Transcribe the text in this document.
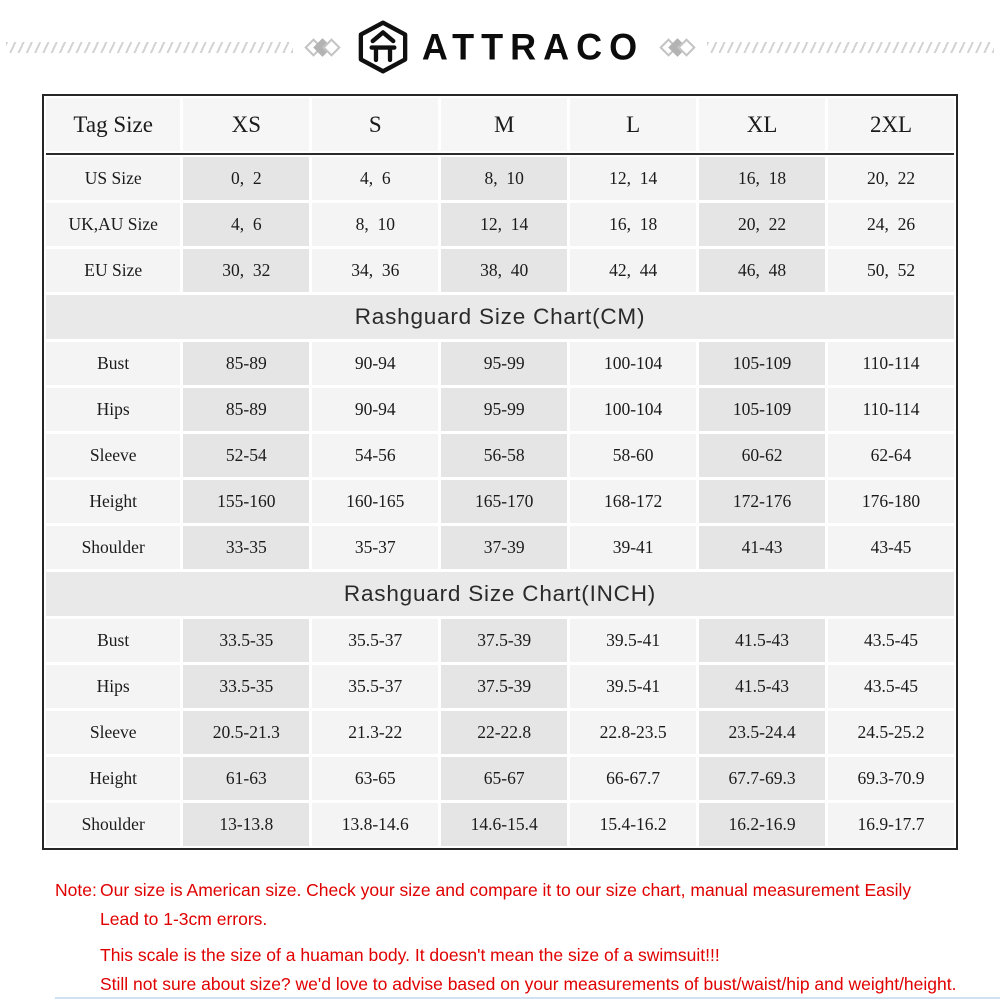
ATTRACO
Tag Size	XS	S	M	L	XL	2XL
US Size	0,  2	4,  6	8,  10	12,  14	16,  18	20,  22
UK,AU Size	4,  6	8,  10	12,  14	16,  18	20,  22	24,  26
EU Size	30,  32	34,  36	38,  40	42,  44	46,  48	50,  52
Rashguard Size Chart(CM)
Bust	85-89	90-94	95-99	100-104	105-109	110-114
Hips	85-89	90-94	95-99	100-104	105-109	110-114
Sleeve	52-54	54-56	56-58	58-60	60-62	62-64
Height	155-160	160-165	165-170	168-172	172-176	176-180
Shoulder	33-35	35-37	37-39	39-41	41-43	43-45
Rashguard Size Chart(INCH)
Bust	33.5-35	35.5-37	37.5-39	39.5-41	41.5-43	43.5-45
Hips	33.5-35	35.5-37	37.5-39	39.5-41	41.5-43	43.5-45
Sleeve	20.5-21.3	21.3-22	22-22.8	22.8-23.5	23.5-24.4	24.5-25.2
Height	61-63	63-65	65-67	66-67.7	67.7-69.3	69.3-70.9
Shoulder	13-13.8	13.8-14.6	14.6-15.4	15.4-16.2	16.2-16.9	16.9-17.7
Note: Our size is American size. Check your size and compare it to our size chart, manual measurement Easily
Lead to 1-3cm errors.
This scale is the size of a huaman body. It doesn't mean the size of a swimsuit!!!
Still not sure about size? we'd love to advise based on your measurements of bust/waist/hip and weight/height.
